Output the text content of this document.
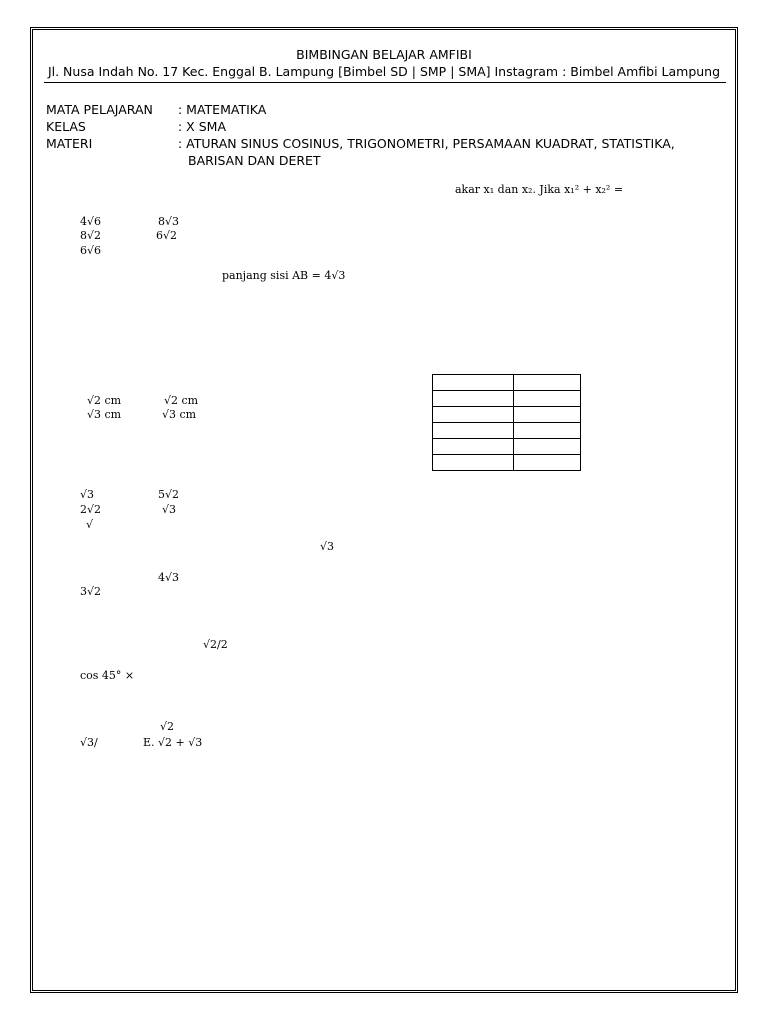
BIMBINGAN BELAJAR AMFIBI
Jl. Nusa Indah No. 17 Kec. Enggal B. Lampung [Bimbel SD | SMP | SMA] Instagram : Bimbel Amfibi Lampung
MATA PELAJARAN : MATEMATIKA
KELAS	: X SMA
MATERI	: ATURAN SINUS COSINUS, TRIGONOMETRI, PERSAMAAN KUADRAT, STATISTIKA,
BARISAN DAN DERET
akar x₁ dan x₂. Jika x₁² + x₂² =
4√6	8√3
8√2	6√2
6√6
panjang sisi AB = 4√3
√2 cm	√2 cm
√3 cm	√3 cm

√3	5√2
2√2	√3
√
√3
4√3
3√2
√2/2
cos 45° ×
√2
√3/	E. √2 + √3
